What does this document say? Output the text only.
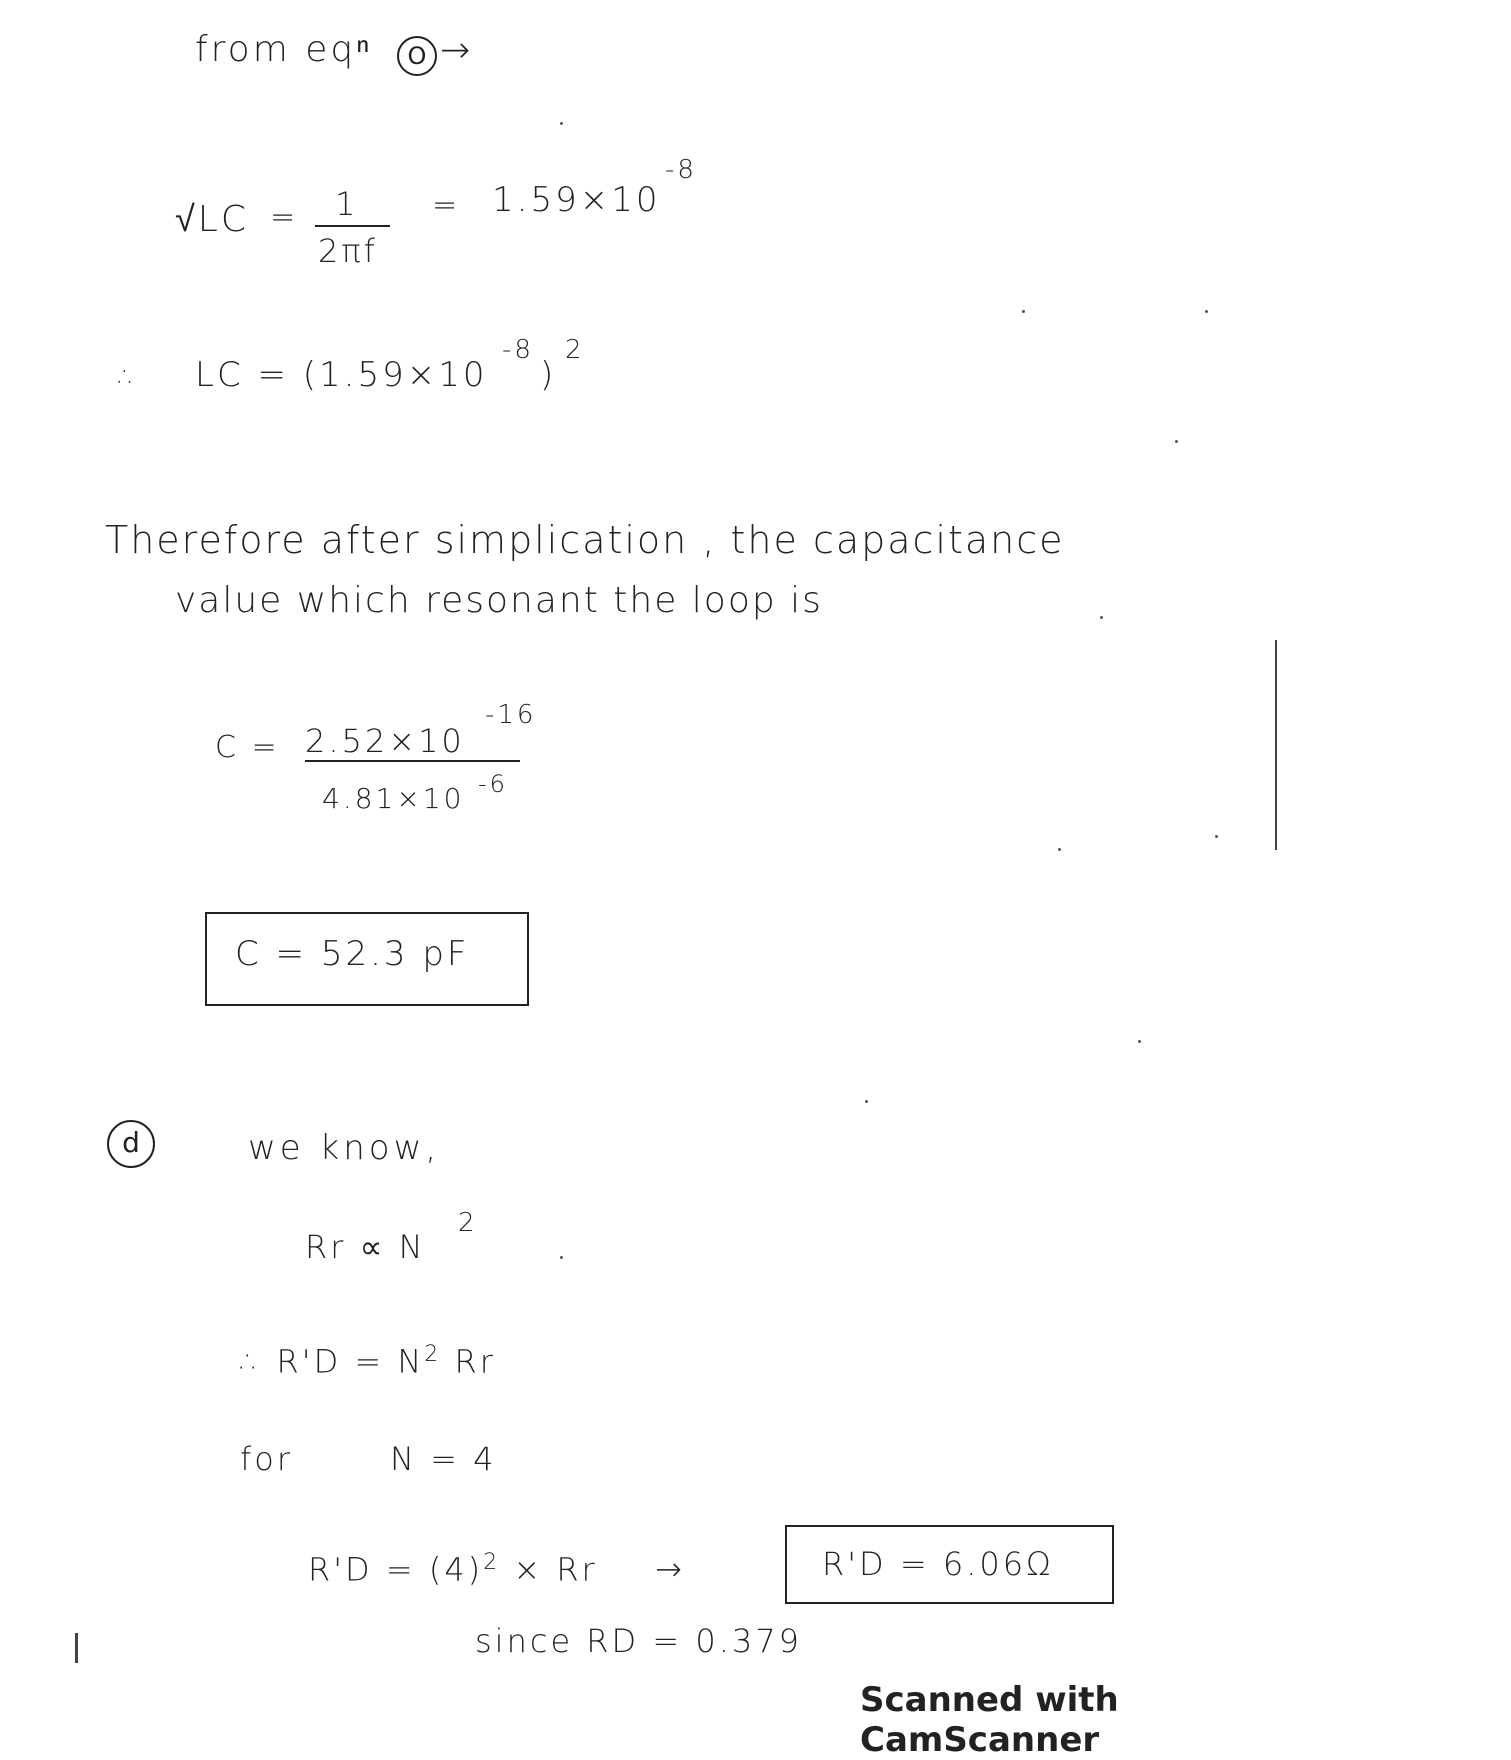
from eqⁿ	O →
√LC = 1
2πf
= 1.59×10
-8
∴ LC = (1.59×10
-8
)
2
Therefore after simplication , the capacitance
value which resonant the loop is
C = 2.52×10
-16
4.81×10 -6
C = 52.3 pF
d	we know,
Rr ∝ N
2
∴ $R'D = N^2$ Rr
for	N = 4
$R'D = (4)^2 \times Rr$ →	R'D = 6.06Ω
since RD = 0.379
Scanned with CamScanner
